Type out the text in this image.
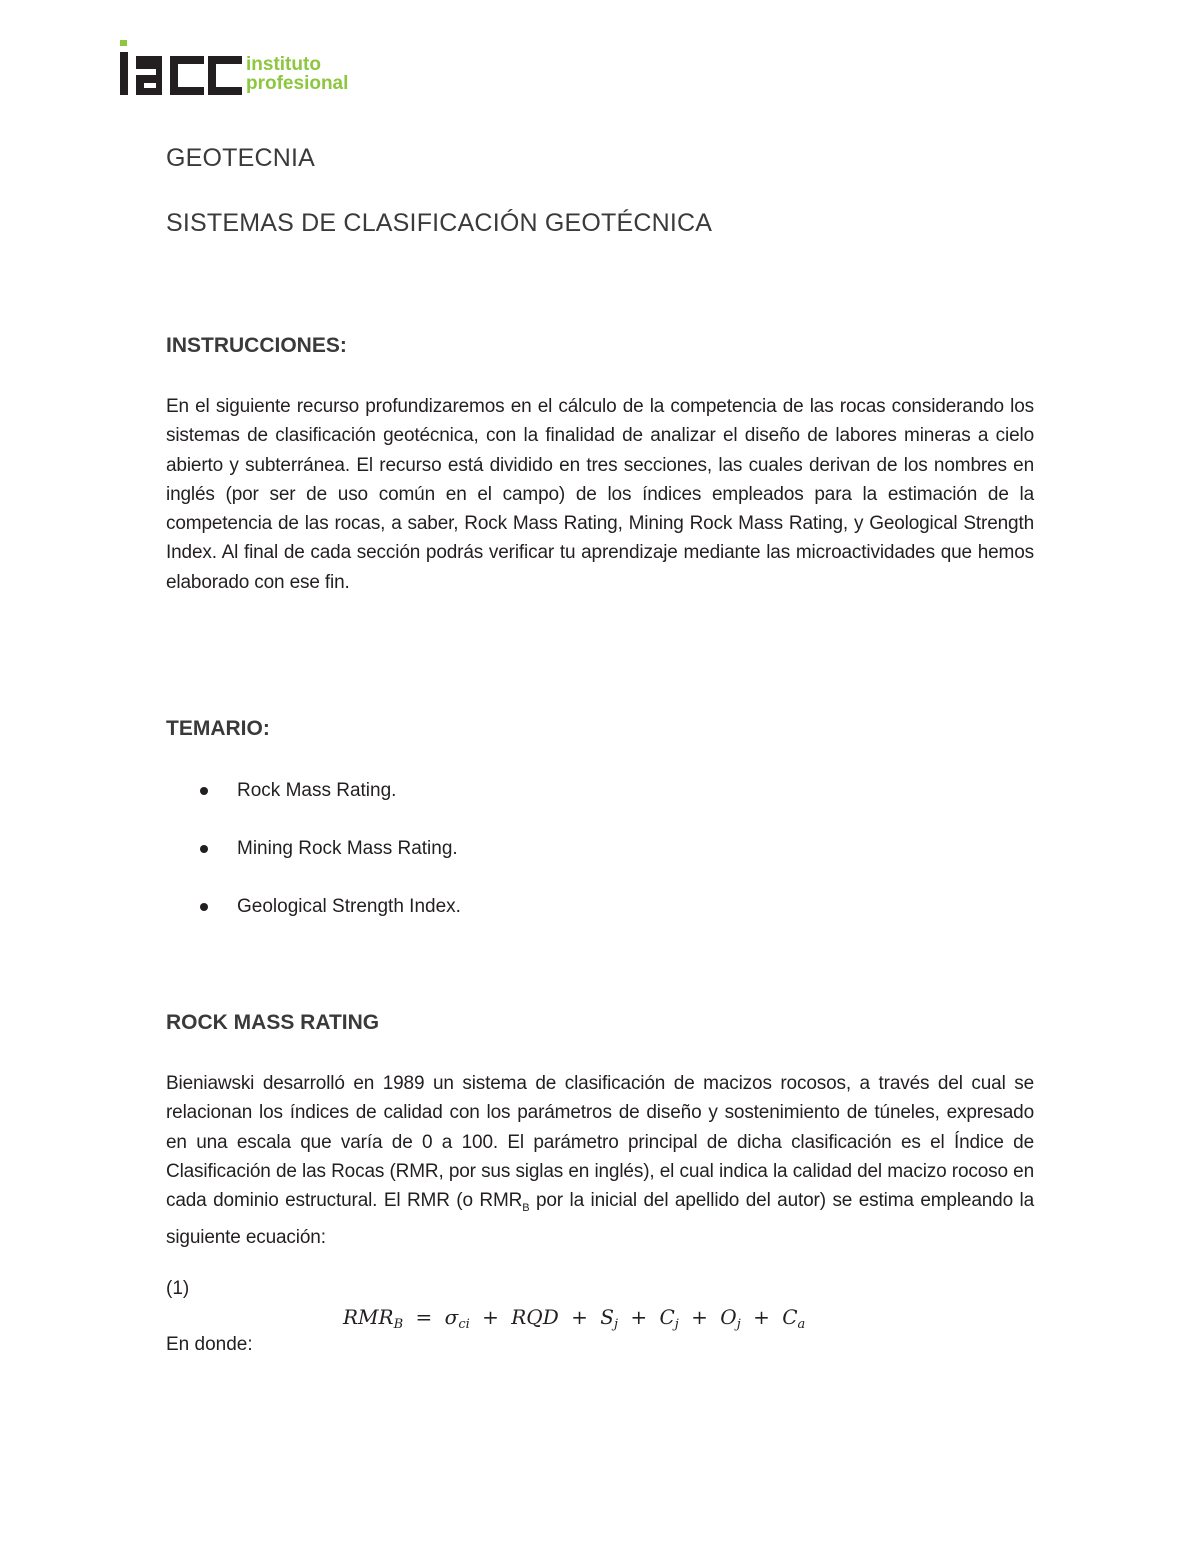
instituto
profesional
GEOTECNIA
SISTEMAS DE CLASIFICACIÓN GEOTÉCNICA
INSTRUCCIONES:

En el siguiente recurso profundizaremos en el cálculo de la competencia de las rocas considerando los sistemas de clasificación geotécnica, con la finalidad de analizar el diseño de labores mineras a cielo abierto y subterránea. El recurso está dividido en tres secciones, las cuales derivan de los nombres en inglés (por ser de uso común en el campo) de los índices empleados para la estimación de la competencia de las rocas, a saber, Rock Mass Rating, Mining Rock Mass Rating, y Geological Strength Index. Al final de cada sección podrás verificar tu aprendizaje mediante las microactividades que hemos elaborado con ese fin.

TEMARIO:
Rock Mass Rating.
Mining Rock Mass Rating.
Geological Strength Index.
ROCK MASS RATING

Bieniawski desarrolló en 1989 un sistema de clasificación de macizos rocosos, a través del cual se relacionan los índices de calidad con los parámetros de diseño y sostenimiento de túneles, expresado en una escala que varía de 0 a 100. El parámetro principal de dicha clasificación es el Índice de Clasificación de las Rocas (RMR, por sus siglas en inglés), el cual indica la calidad del macizo rocoso en cada dominio estructural. El RMR (o $RMR_B$ por la inicial del apellido del autor) se estima empleando la siguiente ecuación:

(1)
$RMR_B = \sigma_{ci}$ + RQD + $S_j + C_j + O_j + C_a$
En donde:
